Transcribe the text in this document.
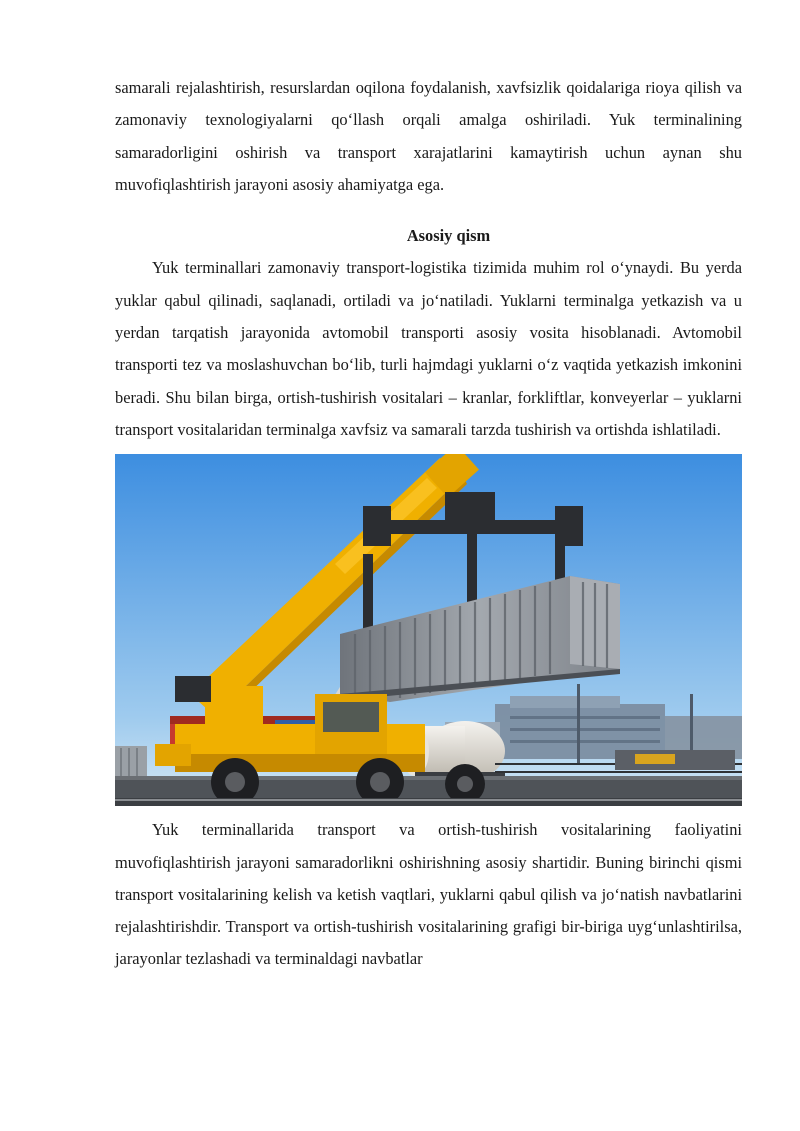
samarali rejalashtirish, resurslardan oqilona foydalanish, xavfsizlik qoidalariga rioya qilish va zamonaviy texnologiyalarni qo‘llash orqali amalga oshiriladi. Yuk terminalining samaradorligini oshirish va transport xarajatlarini kamaytirish uchun aynan shu muvofiqlashtirish jarayoni asosiy ahamiyatga ega.

Asosiy qism

Yuk terminallari zamonaviy transport-logistika tizimida muhim rol o‘ynaydi. Bu yerda yuklar qabul qilinadi, saqlanadi, ortiladi va jo‘natiladi. Yuklarni terminalga yetkazish va u yerdan tarqatish jarayonida avtomobil transporti asosiy vosita hisoblanadi. Avtomobil transporti tez va moslashuvchan bo‘lib, turli hajmdagi yuklarni o‘z vaqtida yetkazish imkonini beradi. Shu bilan birga, ortish-tushirish vositalari – kranlar, forkliftlar, konveyerlar – yuklarni transport vositalaridan terminalga xavfsiz va samarali tarzda tushirish va ortishda ishlatiladi.

Yuk terminallarida transport va ortish-tushirish vositalarining faoliyatini muvofiqlashtirish jarayoni samaradorlikni oshirishning asosiy shartidir. Buning birinchi qismi transport vositalarining kelish va ketish vaqtlari, yuklarni qabul qilish va jo‘natish navbatlarini rejalashtirishdir. Transport va ortish-tushirish vositalarining grafigi bir-biriga uyg‘unlashtirilsa, jarayonlar tezlashadi va terminaldagi navbatlar
